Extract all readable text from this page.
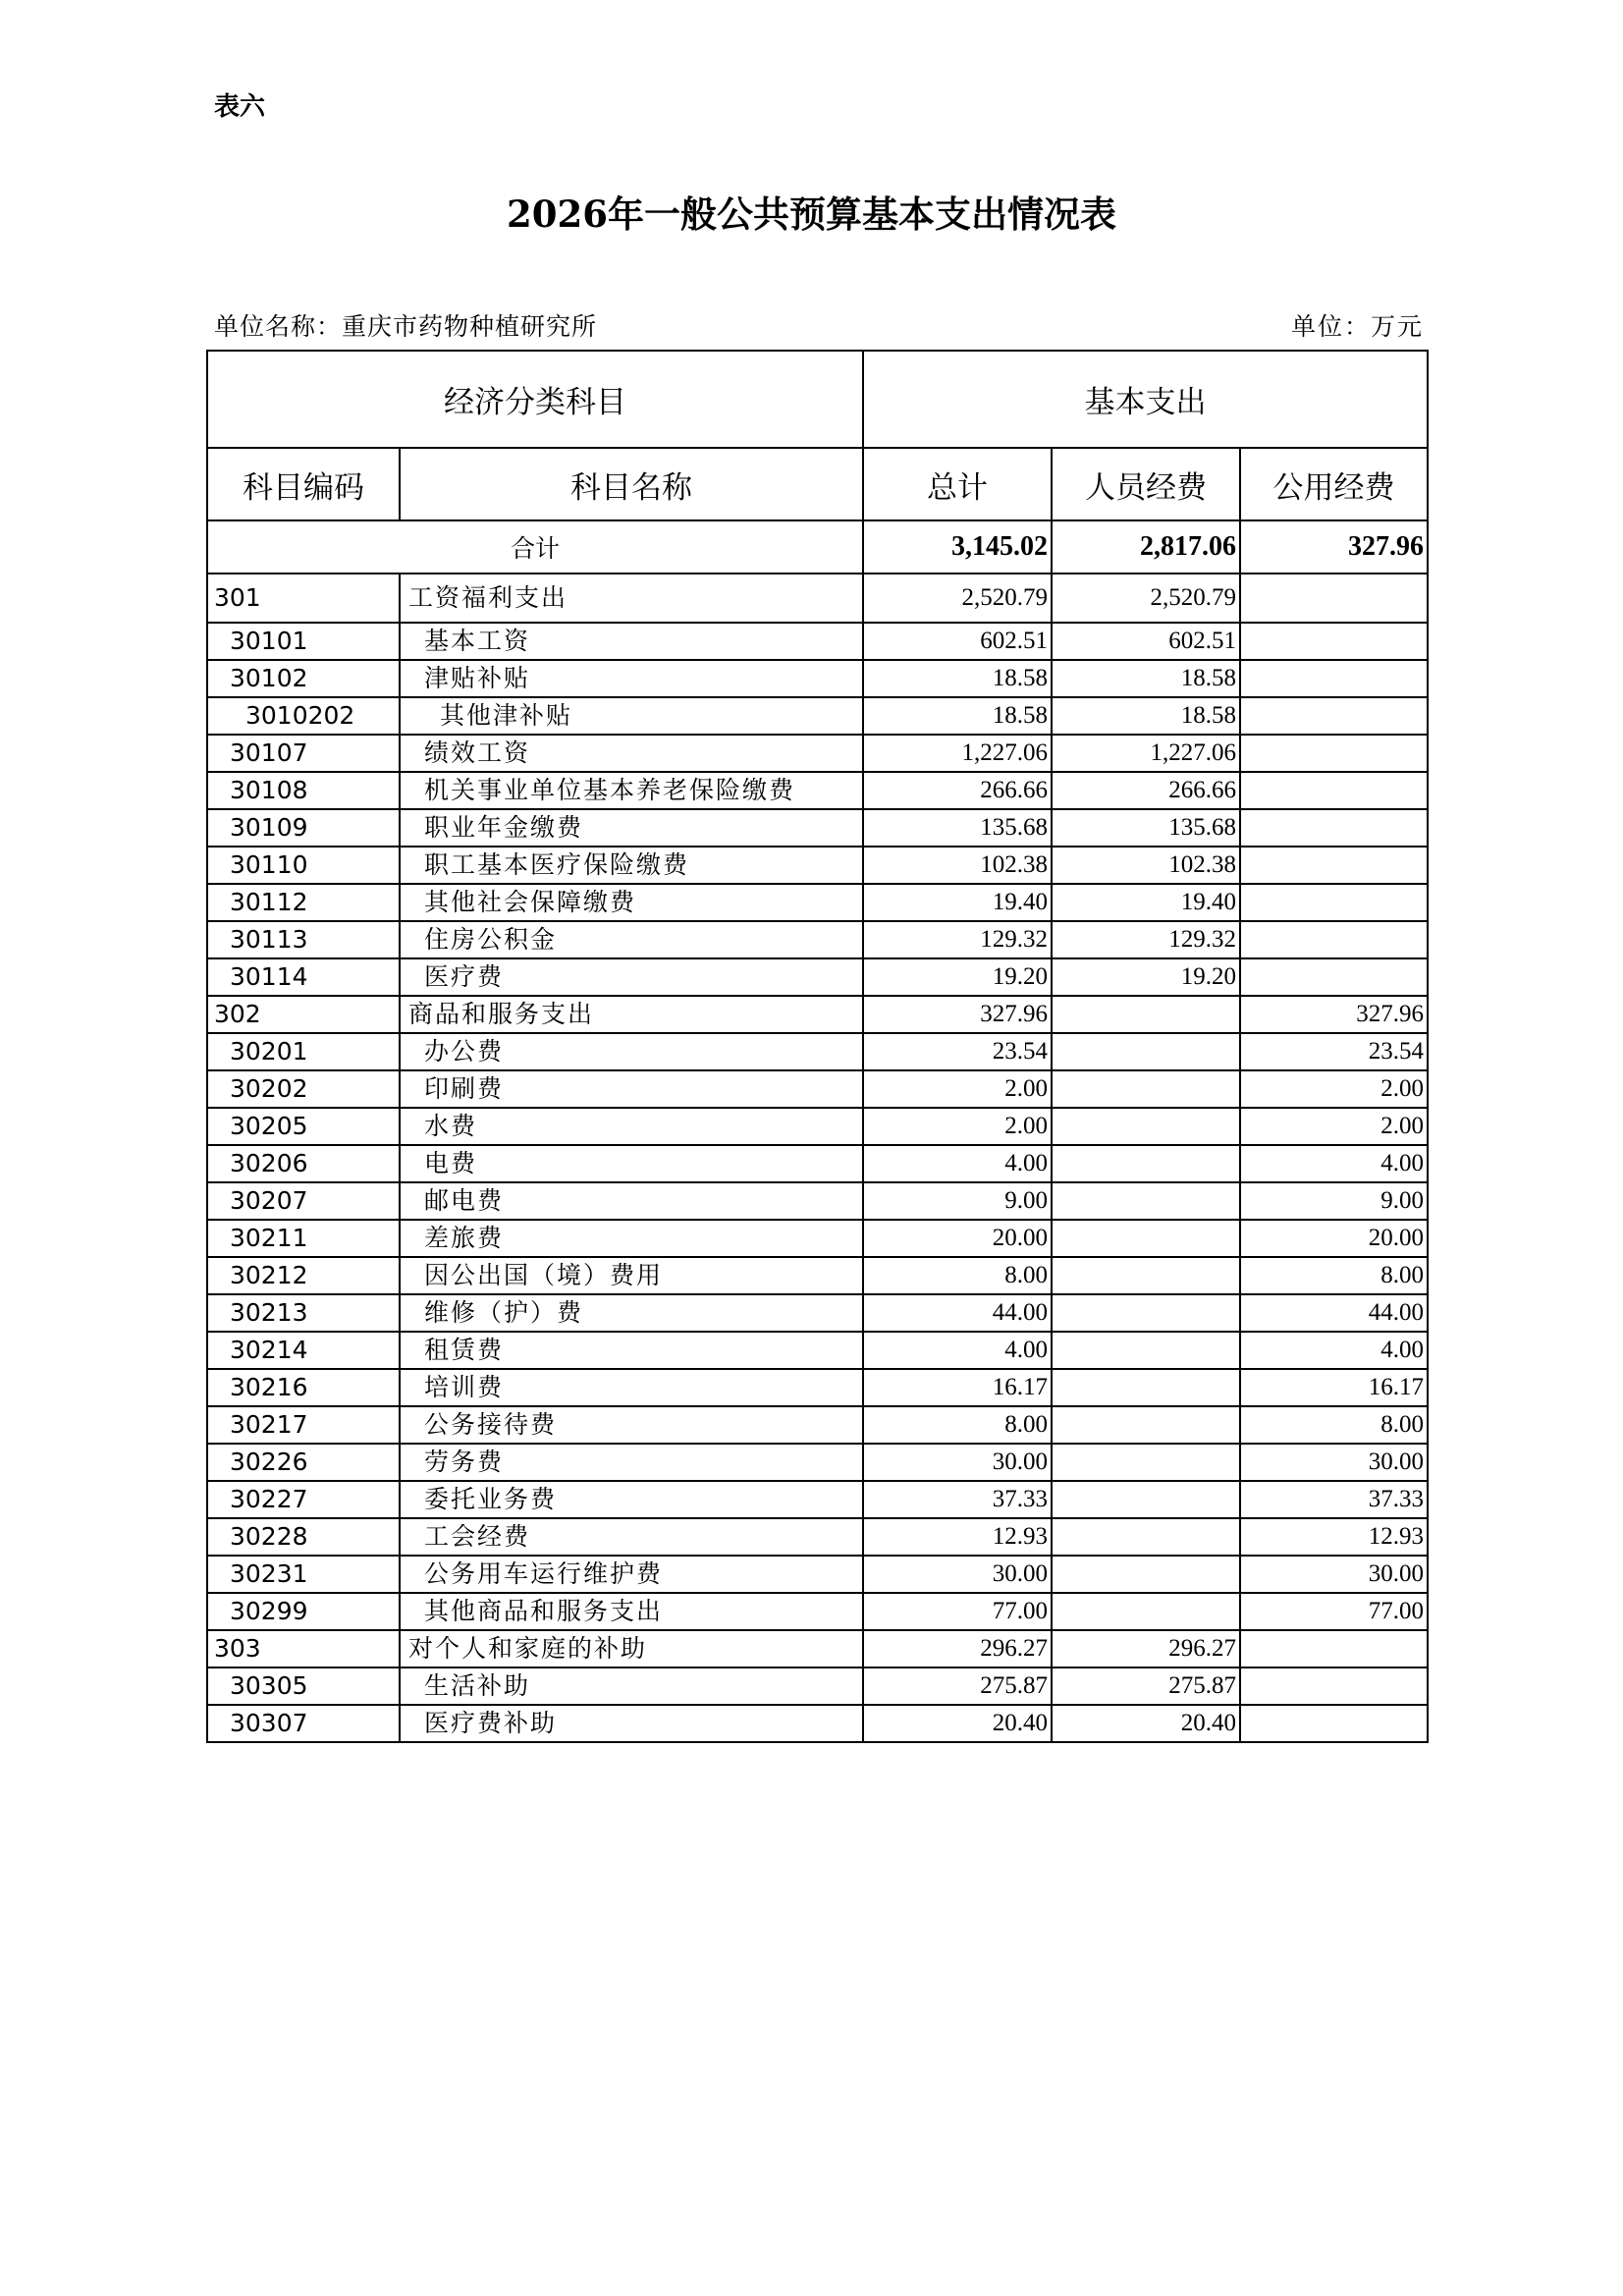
表六
2026年一般公共预算基本支出情况表
单位名称：重庆市药物种植研究所	单位：万元
经济分类科目		基本支出		
科目编码	科目名称	总计	人员经费	公用经费
合计		3,145.02	2,817.06	327.96
301	工资福利支出	2,520.79	2,520.79	
30101	基本工资	602.51	602.51	
30102	津贴补贴	18.58	18.58	
3010202	其他津补贴	18.58	18.58	
30107	绩效工资	1,227.06	1,227.06	
30108	机关事业单位基本养老保险缴费	266.66	266.66	
30109	职业年金缴费	135.68	135.68	
30110	职工基本医疗保险缴费	102.38	102.38	
30112	其他社会保障缴费	19.40	19.40	
30113	住房公积金	129.32	129.32	
30114	医疗费	19.20	19.20	
302	商品和服务支出	327.96		327.96
30201	办公费	23.54		23.54
30202	印刷费	2.00		2.00
30205	水费	2.00		2.00
30206	电费	4.00		4.00
30207	邮电费	9.00		9.00
30211	差旅费	20.00		20.00
30212	因公出国（境）费用	8.00		8.00
30213	维修（护）费	44.00		44.00
30214	租赁费	4.00		4.00
30216	培训费	16.17		16.17
30217	公务接待费	8.00		8.00
30226	劳务费	30.00		30.00
30227	委托业务费	37.33		37.33
30228	工会经费	12.93		12.93
30231	公务用车运行维护费	30.00		30.00
30299	其他商品和服务支出	77.00		77.00
303	对个人和家庭的补助	296.27	296.27	
30305	生活补助	275.87	275.87	
30307	医疗费补助	20.40	20.40	
